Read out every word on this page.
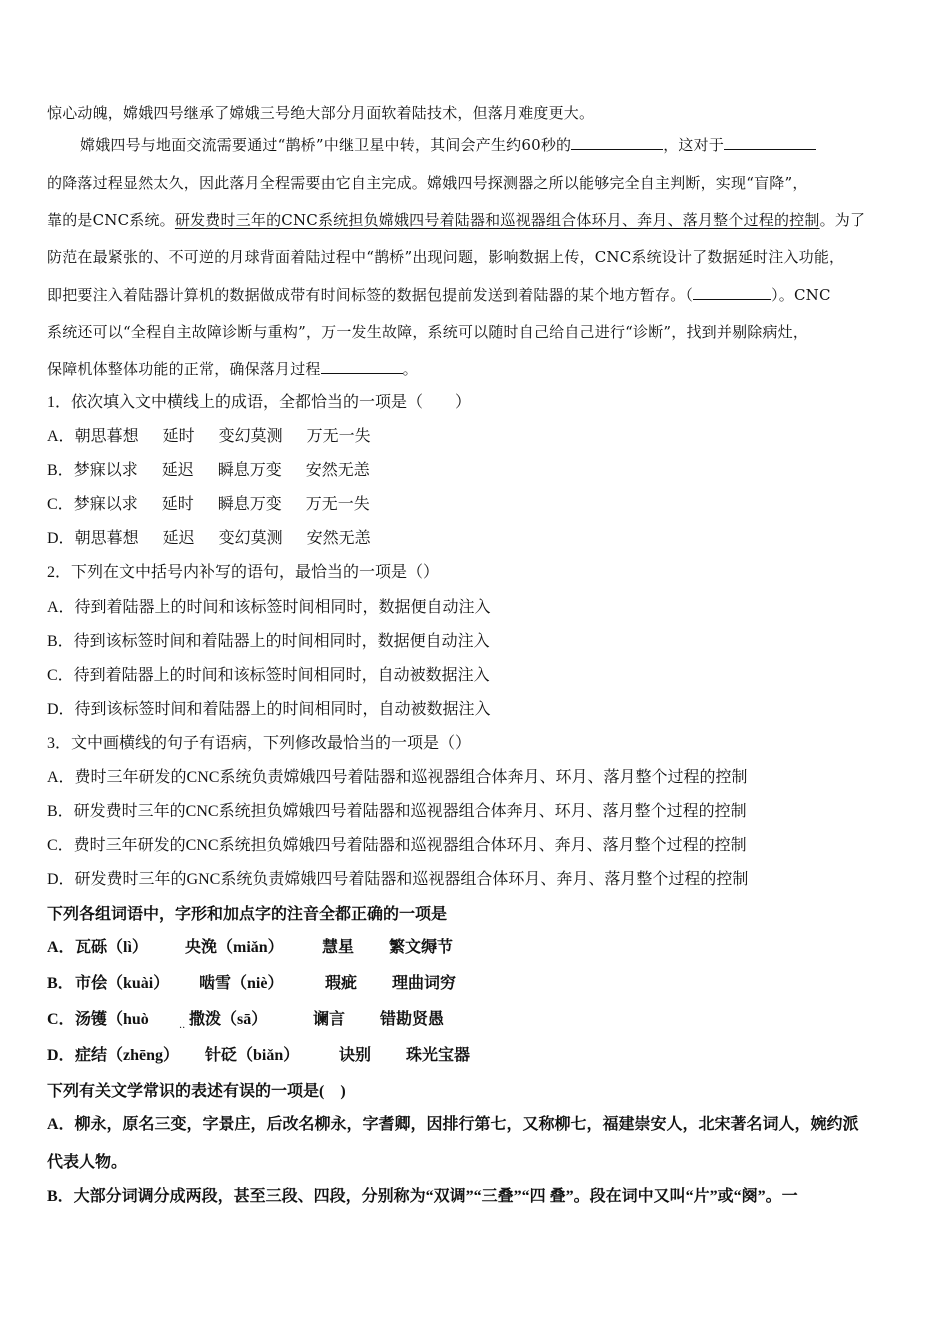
惊心动魄，嫦娥四号继承了嫦娥三号绝大部分月面软着陆技术，但落月难度更大。
嫦娥四号与地面交流需要通过“鹊桥”中继卫星中转，其间会产生约60秒的	，这对于
的降落过程显然太久，因此落月全程需要由它自主完成。嫦娥四号探测器之所以能够完全自主判断，实现“盲降”，
靠的是CNC系统。研发费时三年的CNC系统担负嫦娥四号着陆器和巡视器组合体环月、奔月、落月整个过程的控制。为了
防范在最紧张的、不可逆的月球背面着陆过程中“鹊桥”出现问题，影响数据上传，CNC系统设计了数据延时注入功能，
即把要注入着陆器计算机的数据做成带有时间标签的数据包提前发送到着陆器的某个地方暂存。（	）。CNC
系统还可以“全程自主故障诊断与重构”，万一发生故障，系统可以随时自己给自己进行“诊断”，找到并剔除病灶，
保障机体整体功能的正常，确保落月过程	。
1．依次填入文中横线上的成语，全都恰当的一项是（　　）
A．朝思暮想 延时 变幻莫测 万无一失
B．梦寐以求 延迟 瞬息万变 安然无恙
C．梦寐以求 延时 瞬息万变 万无一失
D．朝思暮想 延迟 变幻莫测 安然无恙
2．下列在文中括号内补写的语句，最恰当的一项是（）
A．待到着陆器上的时间和该标签时间相同时，数据便自动注入
B．待到该标签时间和着陆器上的时间相同时，数据便自动注入
C．待到着陆器上的时间和该标签时间相同时，自动被数据注入
D．待到该标签时间和着陆器上的时间相同时，自动被数据注入
3．文中画横线的句子有语病，下列修改最恰当的一项是（）
A．费时三年研发的CNC系统负责嫦娥四号着陆器和巡视器组合体奔月、环月、落月整个过程的控制
B．研发费时三年的CNC系统担负嫦娥四号着陆器和巡视器组合体奔月、环月、落月整个过程的控制
C．费时三年研发的CNC系统担负嫦娥四号着陆器和巡视器组合体环月、奔月、落月整个过程的控制
D．研发费时三年的GNC系统负责嫦娥四号着陆器和巡视器组合体环月、奔月、落月整个过程的控制
下列各组词语中，字形和加点字的注音全都正确的一项是
A．瓦砾（lì） 央浼（miǎn） 慧星 繁文缛节
B．市侩（kuài） 啮雪（niè）	瑕疵 理曲词穷
C．汤镬（huò	撒泼（sā）	谰言 错勘贤愚
··
D．症结（zhēng） 针砭（biǎn） 诀别 珠光宝器
下列有关文学常识的表述有误的一项是(　)
A．柳永，原名三变，字景庄，后改名柳永，字耆卿，因排行第七，又称柳七，福建崇安人，北宋著名词人，婉约派
代表人物。
B．大部分词调分成两段，甚至三段、四段，分别称为“双调”“三叠”“四 叠”。段在词中又叫“片”或“阕”。一
